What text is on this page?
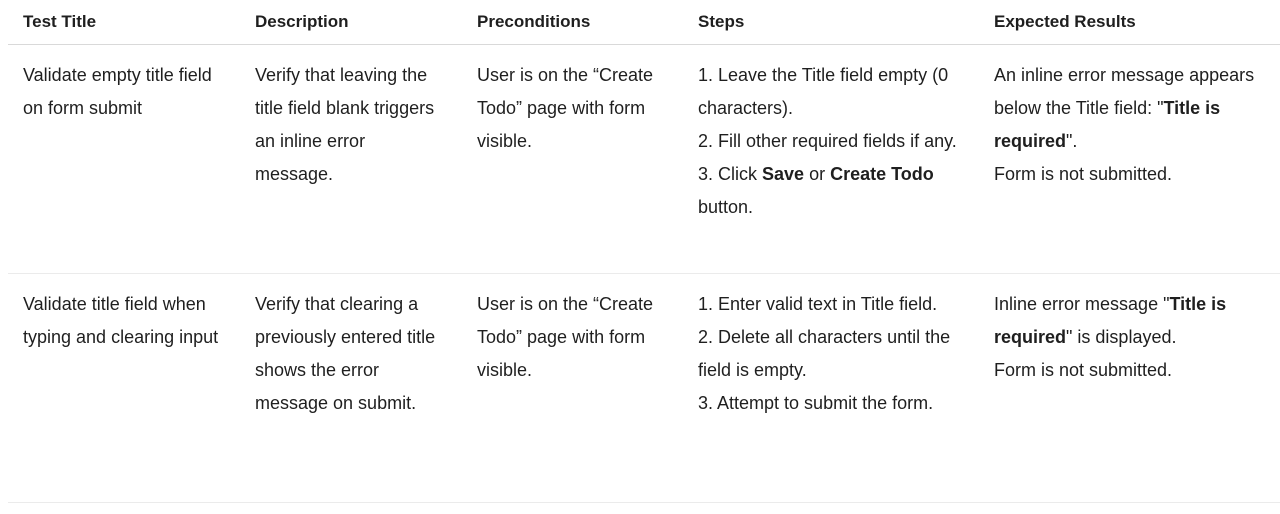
Test Title	Description	Preconditions	Steps	Expected Results
Validate empty title field on form submit	Verify that leaving the title field blank triggers an inline error message.	User is on the “Create Todo” page with form visible.	1. Leave the Title field empty (0 characters).
2. Fill other required fields if any.
3. Click Save or Create Todo button.	An inline error message appears below the Title field: "Title is required".
Form is not submitted.

Validate title field when typing and clearing input	Verify that clearing a previously entered title shows the error message on submit.	User is on the “Create Todo” page with form visible.	1. Enter valid text in Title field.
2. Delete all characters until the field is empty.
3. Attempt to submit the form.	Inline error message "Title is required" is displayed.
Form is not submitted.
